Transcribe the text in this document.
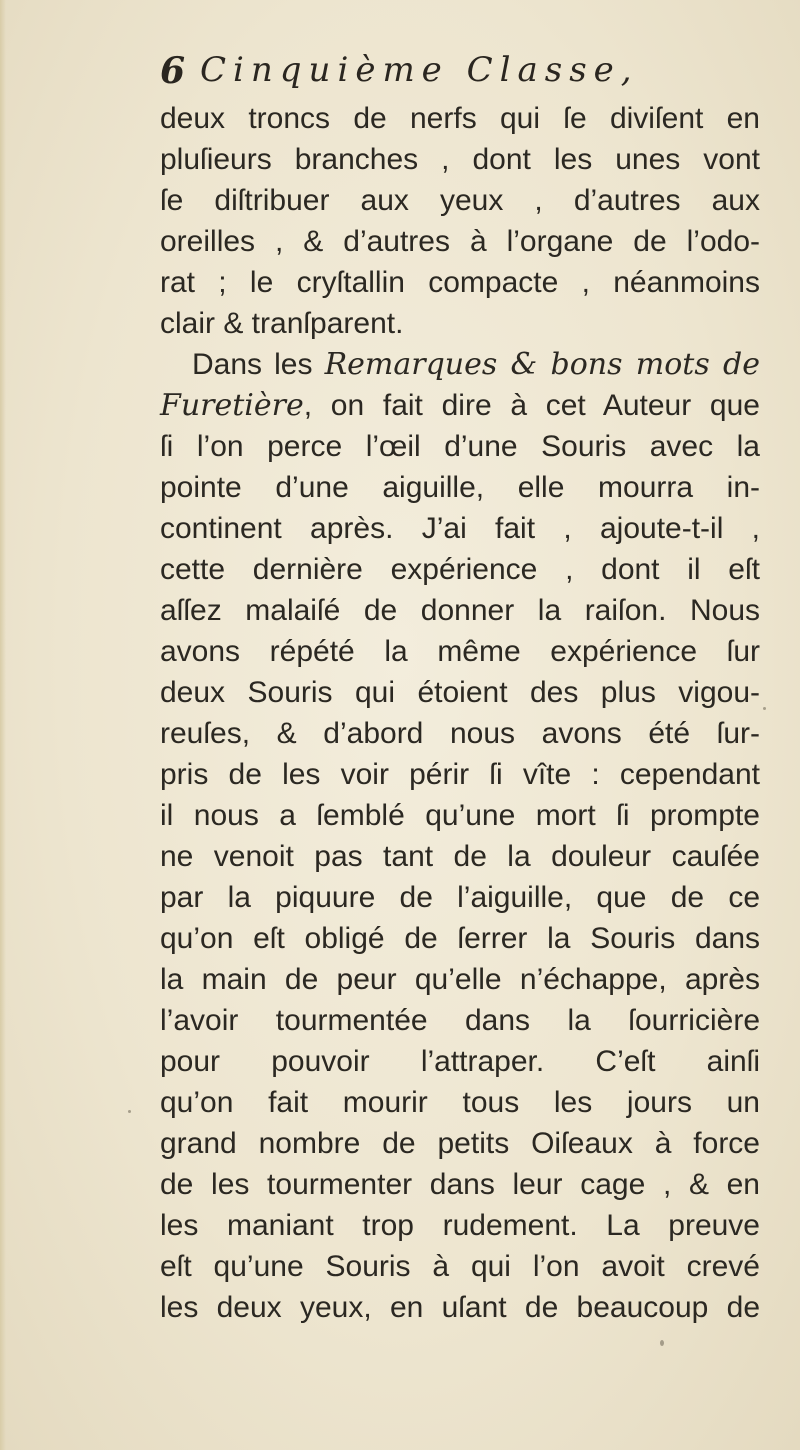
6 Cinquième Classe,
deux troncs de nerfs qui ſe diviſent en
pluſieurs branches , dont les unes vont
ſe diſtribuer aux yeux , d’autres aux
oreilles , & d’autres à l’organe de l’odo-
rat ; le cryſtallin compacte , néanmoins
clair & tranſparent.
Dans les Remarques & bons mots de
Furetière, on fait dire à cet Auteur que
ſi l’on perce l’œil d’une Souris avec la
pointe d’une aiguille, elle mourra in-
continent après. J’ai fait , ajoute-t-il ,
cette dernière expérience , dont il eſt
aſſez malaiſé de donner la raiſon. Nous
avons répété la même expérience ſur
deux Souris qui étoient des plus vigou-
reuſes, & d’abord nous avons été ſur-
pris de les voir périr ſi vîte : cependant
il nous a ſemblé qu’une mort ſi prompte
ne venoit pas tant de la douleur cauſée
par la piquure de l’aiguille, que de ce
qu’on eſt obligé de ſerrer la Souris dans
la main de peur qu’elle n’échappe, après
l’avoir tourmentée dans la ſourricière
pour pouvoir l’attraper. C’eſt ainſi
qu’on fait mourir tous les jours un
grand nombre de petits Oiſeaux à force
de les tourmenter dans leur cage , & en
les maniant trop rudement. La preuve
eſt qu’une Souris à qui l’on avoit crevé
les deux yeux, en uſant de beaucoup de
